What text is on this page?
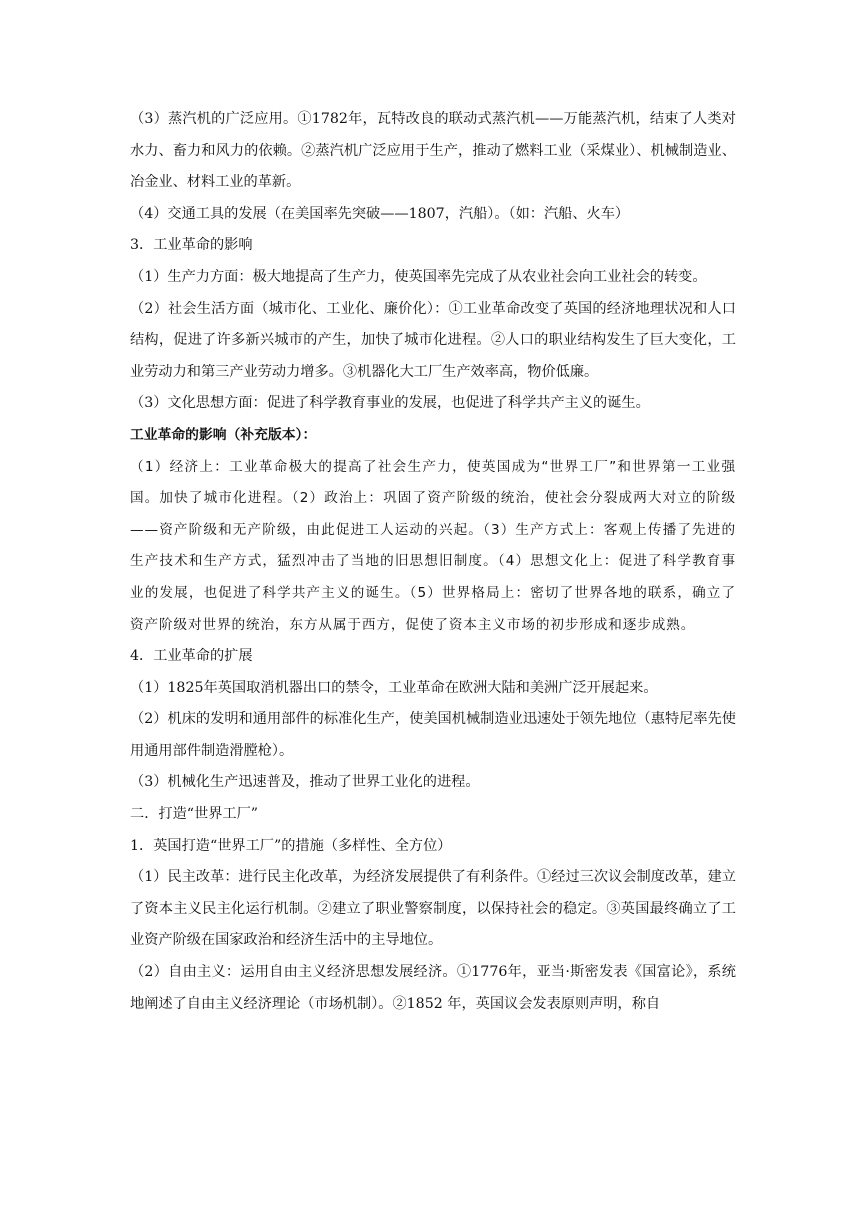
（3）蒸汽机的广泛应用。①1782年，瓦特改良的联动式蒸汽机——万能蒸汽机，结束了人类对水力、畜力和风力的依赖。②蒸汽机广泛应用于生产，推动了燃料工业（采煤业）、机械制造业、冶金业、材料工业的革新。

（4）交通工具的发展（在美国率先突破——1807，汽船）。（如：汽船、火车）

3．工业革命的影响

（1）生产力方面：极大地提高了生产力，使英国率先完成了从农业社会向工业社会的转变。

（2）社会生活方面（城市化、工业化、廉价化）：①工业革命改变了英国的经济地理状况和人口结构，促进了许多新兴城市的产生，加快了城市化进程。②人口的职业结构发生了巨大变化，工业劳动力和第三产业劳动力增多。③机器化大工厂生产效率高，物价低廉。

（3）文化思想方面：促进了科学教育事业的发展，也促进了科学共产主义的诞生。

工业革命的影响（补充版本）：

（1）经济上：工业革命极大的提高了社会生产力，使英国成为“世界工厂”和世界第一工业强国。加快了城市化进程。（2）政治上：巩固了资产阶级的统治，使社会分裂成两大对立的阶级——资产阶级和无产阶级，由此促进工人运动的兴起。（3）生产方式上：客观上传播了先进的生产技术和生产方式，猛烈冲击了当地的旧思想旧制度。（4）思想文化上：促进了科学教育事业的发展，也促进了科学共产主义的诞生。（5）世界格局上：密切了世界各地的联系，确立了资产阶级对世界的统治，东方从属于西方，促使了资本主义市场的初步形成和逐步成熟。

4．工业革命的扩展

（1）1825年英国取消机器出口的禁令，工业革命在欧洲大陆和美洲广泛开展起来。

（2）机床的发明和通用部件的标准化生产，使美国机械制造业迅速处于领先地位（惠特尼率先使用通用部件制造滑膛枪）。

（3）机械化生产迅速普及，推动了世界工业化的进程。

二．打造“世界工厂”

1．英国打造“世界工厂”的措施（多样性、全方位）

（1）民主改革：进行民主化改革，为经济发展提供了有利条件。①经过三次议会制度改革，建立了资本主义民主化运行机制。②建立了职业警察制度，以保持社会的稳定。③英国最终确立了工业资产阶级在国家政治和经济生活中的主导地位。

（2）自由主义：运用自由主义经济思想发展经济。①1776年，亚当·斯密发表《国富论》，系统地阐述了自由主义经济理论（市场机制）。②1852 年，英国议会发表原则声明，称自
